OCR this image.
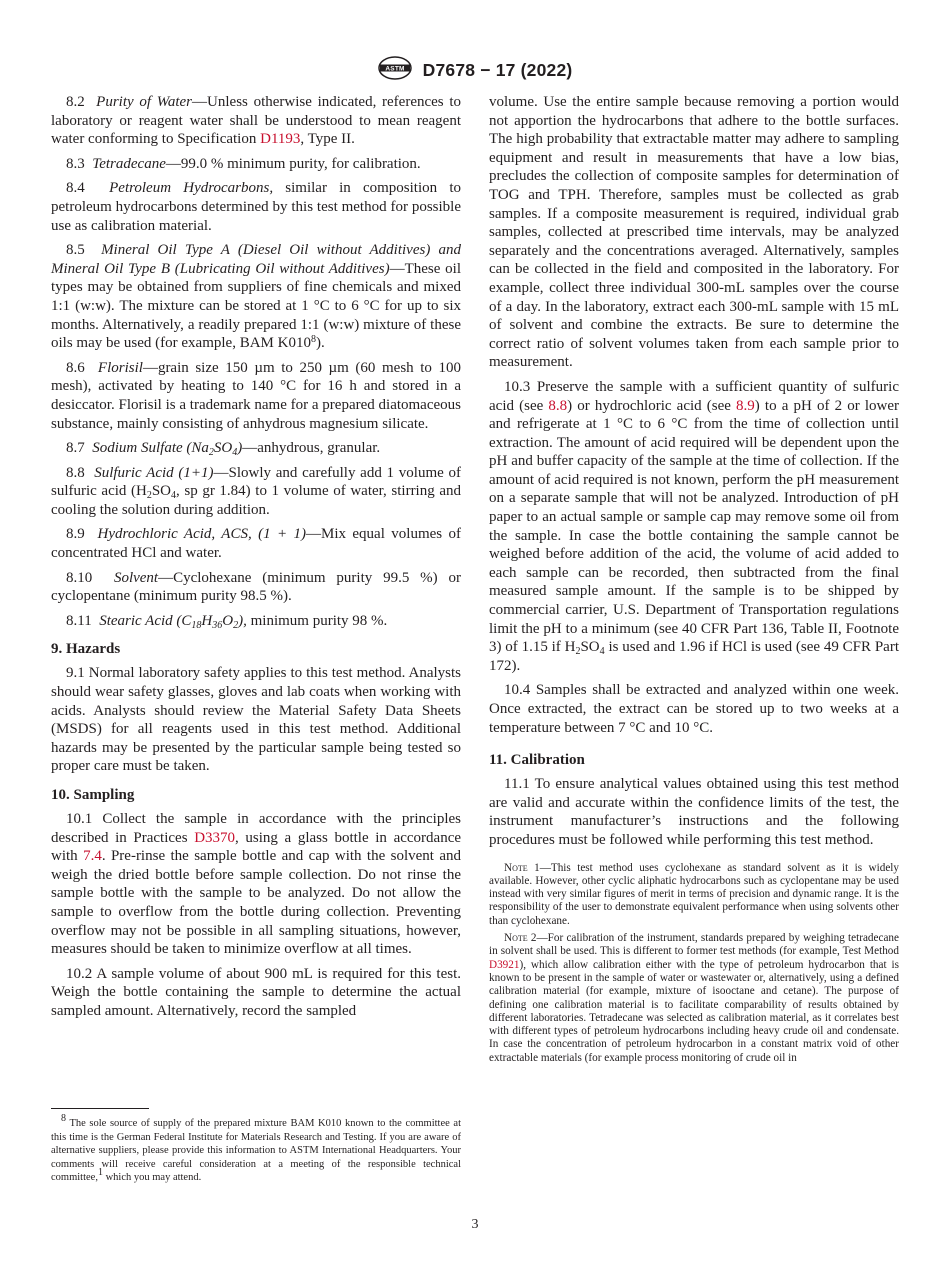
ASTM D7678 − 17 (2022)

8.2 Purity of Water—Unless otherwise indicated, references to laboratory or reagent water shall be understood to mean reagent water conforming to Specification D1193, Type II.

8.3 Tetradecane—99.0 % minimum purity, for calibration.

8.4 Petroleum Hydrocarbons, similar in composition to petroleum hydrocarbons determined by this test method for possible use as calibration material.

8.5 Mineral Oil Type A (Diesel Oil without Additives) and Mineral Oil Type B (Lubricating Oil without Additives)—These oil types may be obtained from suppliers of fine chemicals and mixed 1:1 (w:w). The mixture can be stored at 1 °C to 6 °C for up to six months. Alternatively, a readily prepared 1:1 (w:w) mixture of these oils may be used (for example, BAM $K010^8$).

8.6 Florisil—grain size 150 µm to 250 µm (60 mesh to 100 mesh), activated by heating to 140 °C for 16 h and stored in a desiccator. Florisil is a trademark name for a prepared diatomaceous substance, mainly consisting of anhydrous magnesium silicate.

8.7 Sodium Sulfate $(Na_2SO_4)—anhydrous$, granular.

8.8 Sulfuric Acid (1+1)—Slowly and carefully add 1 volume of sulfuric acid ($H_2SO_4$, sp gr 1.84) to 1 volume of water, stirring and cooling the solution during addition.

8.9 Hydrochloric Acid, ACS, (1 + 1)—Mix equal volumes of concentrated HCl and water.

8.10 Solvent—Cyclohexane (minimum purity 99.5 %) or cyclopentane (minimum purity 98.5 %).

8.11 Stearic Acid $(C_{18}H_{36}O_2)$, minimum purity 98 %.

9. Hazards

9.1 Normal laboratory safety applies to this test method. Analysts should wear safety glasses, gloves and lab coats when working with acids. Analysts should review the Material Safety Data Sheets (MSDS) for all reagents used in this test method. Additional hazards may be presented by the particular sample being tested so proper care must be taken.

10. Sampling

10.1 Collect the sample in accordance with the principles described in Practices D3370, using a glass bottle in accordance with 7.4. Pre-rinse the sample bottle and cap with the solvent and weigh the dried bottle before sample collection. Do not rinse the sample bottle with the sample to be analyzed. Do not allow the sample to overflow from the bottle during collection. Preventing overflow may not be possible in all sampling situations, however, measures should be taken to minimize overflow at all times.

10.2 A sample volume of about 900 mL is required for this test. Weigh the bottle containing the sample to determine the actual sampled amount. Alternatively, record the sampled

$^8$ The sole source of supply of the prepared mixture BAM K010 known to the committee at this time is the German Federal Institute for Materials Research and Testing. If you are aware of alternative suppliers, please provide this information to ASTM International Headquarters. Your comments will receive careful consideration at a meeting of the responsible technical committee,$^1$ which you may attend.

volume. Use the entire sample because removing a portion would not apportion the hydrocarbons that adhere to the bottle surfaces. The high probability that extractable matter may adhere to sampling equipment and result in measurements that have a low bias, precludes the collection of composite samples for determination of TOG and TPH. Therefore, samples must be collected as grab samples. If a composite measurement is required, individual grab samples, collected at prescribed time intervals, may be analyzed separately and the concentrations averaged. Alternatively, samples can be collected in the field and composited in the laboratory. For example, collect three individual 300-mL samples over the course of a day. In the laboratory, extract each 300-mL sample with 15 mL of solvent and combine the extracts. Be sure to determine the correct ratio of solvent volumes taken from each sample prior to measurement.

10.3 Preserve the sample with a sufficient quantity of sulfuric acid (see 8.8) or hydrochloric acid (see 8.9) to a pH of 2 or lower and refrigerate at 1 °C to 6 °C from the time of collection until extraction. The amount of acid required will be dependent upon the pH and buffer capacity of the sample at the time of collection. If the amount of acid required is not known, perform the pH measurement on a separate sample that will not be analyzed. Introduction of pH paper to an actual sample or sample cap may remove some oil from the sample. In case the bottle containing the sample cannot be weighed before addition of the acid, the volume of acid added to each sample can be recorded, then subtracted from the final measured sample amount. If the sample is to be shipped by commercial carrier, U.S. Department of Transportation regulations limit the pH to a minimum (see 40 CFR Part 136, Table II, Footnote 3) of 1.15 if $H_2SO_4$ is used and 1.96 if HCl is used (see 49 CFR Part 172).

10.4 Samples shall be extracted and analyzed within one week. Once extracted, the extract can be stored up to two weeks at a temperature between 7 °C and 10 °C.

11. Calibration

11.1 To ensure analytical values obtained using this test method are valid and accurate within the confidence limits of the test, the instrument manufacturer’s instructions and the following procedures must be followed while performing this test method.

Note 1—This test method uses cyclohexane as standard solvent as it is widely available. However, other cyclic aliphatic hydrocarbons such as cyclopentane may be used instead with very similar figures of merit in terms of precision and dynamic range. It is the responsibility of the user to demonstrate equivalent performance when using solvents other than cyclohexane.

Note 2—For calibration of the instrument, standards prepared by weighing tetradecane in solvent shall be used. This is different to former test methods (for example, Test Method D3921), which allow calibration either with the type of petroleum hydrocarbon that is known to be present in the sample of water or wastewater or, alternatively, using a defined calibration material (for example, mixture of isooctane and cetane). The purpose of defining one calibration material is to facilitate comparability of results obtained by different laboratories. Tetradecane was selected as calibration material, as it correlates best with different types of petroleum hydrocarbons including heavy crude oil and condensate. In case the concentration of petroleum hydrocarbon in a constant matrix void of other extractable materials (for example process monitoring of crude oil in

3
